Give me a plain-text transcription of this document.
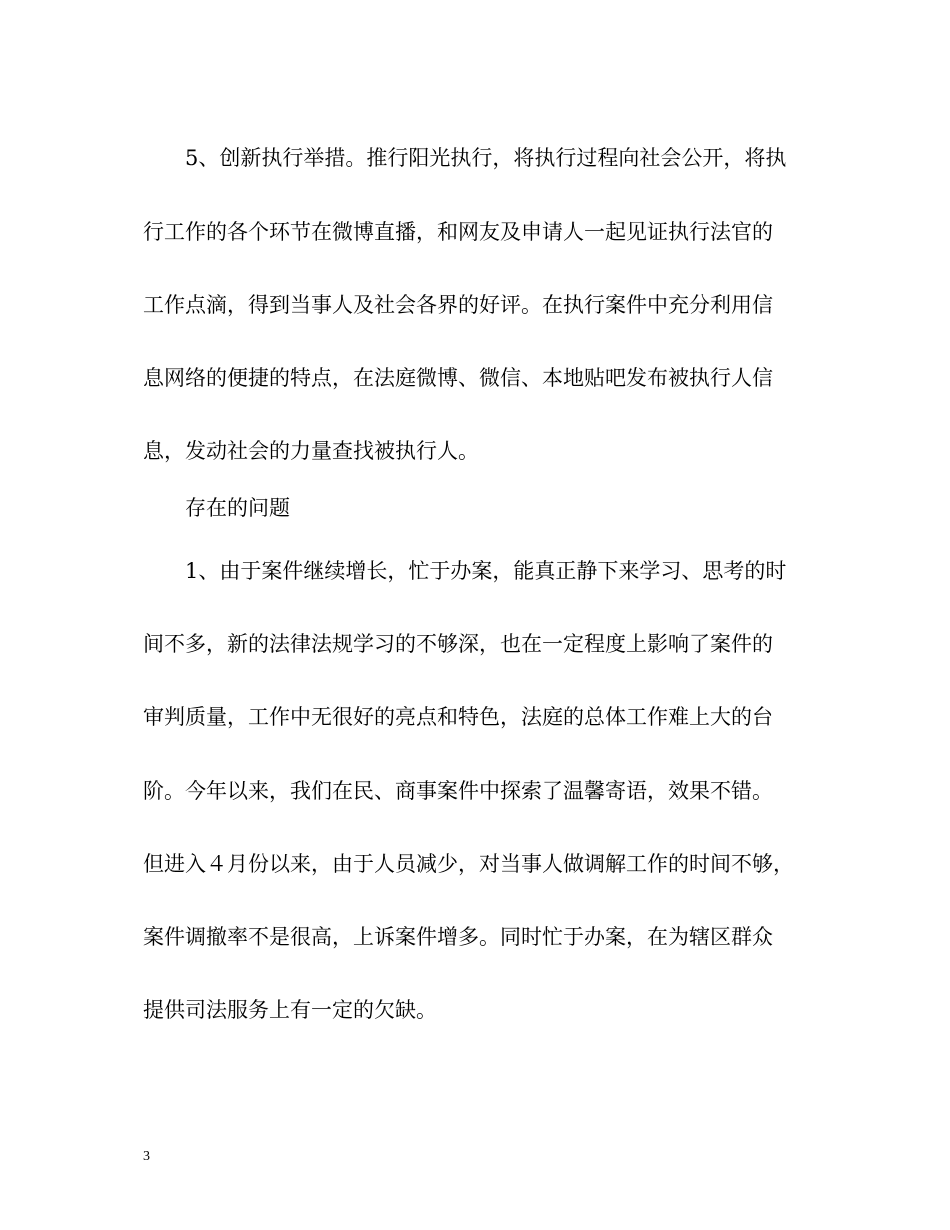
5、创新执行举措。推行阳光执行，将执行过程向社会公开，将执
行工作的各个环节在微博直播，和网友及申请人一起见证执行法官的
工作点滴，得到当事人及社会各界的好评。在执行案件中充分利用信
息网络的便捷的特点，在法庭微博、微信、本地贴吧发布被执行人信
息，发动社会的力量查找被执行人。
存在的问题
1、由于案件继续增长，忙于办案，能真正静下来学习、思考的时
间不多，新的法律法规学习的不够深，也在一定程度上影响了案件的
审判质量，工作中无很好的亮点和特色，法庭的总体工作难上大的台
阶。今年以来，我们在民、商事案件中探索了温馨寄语，效果不错。
但进入４月份以来，由于人员减少，对当事人做调解工作的时间不够，
案件调撤率不是很高，上诉案件增多。同时忙于办案，在为辖区群众
提供司法服务上有一定的欠缺。
3
